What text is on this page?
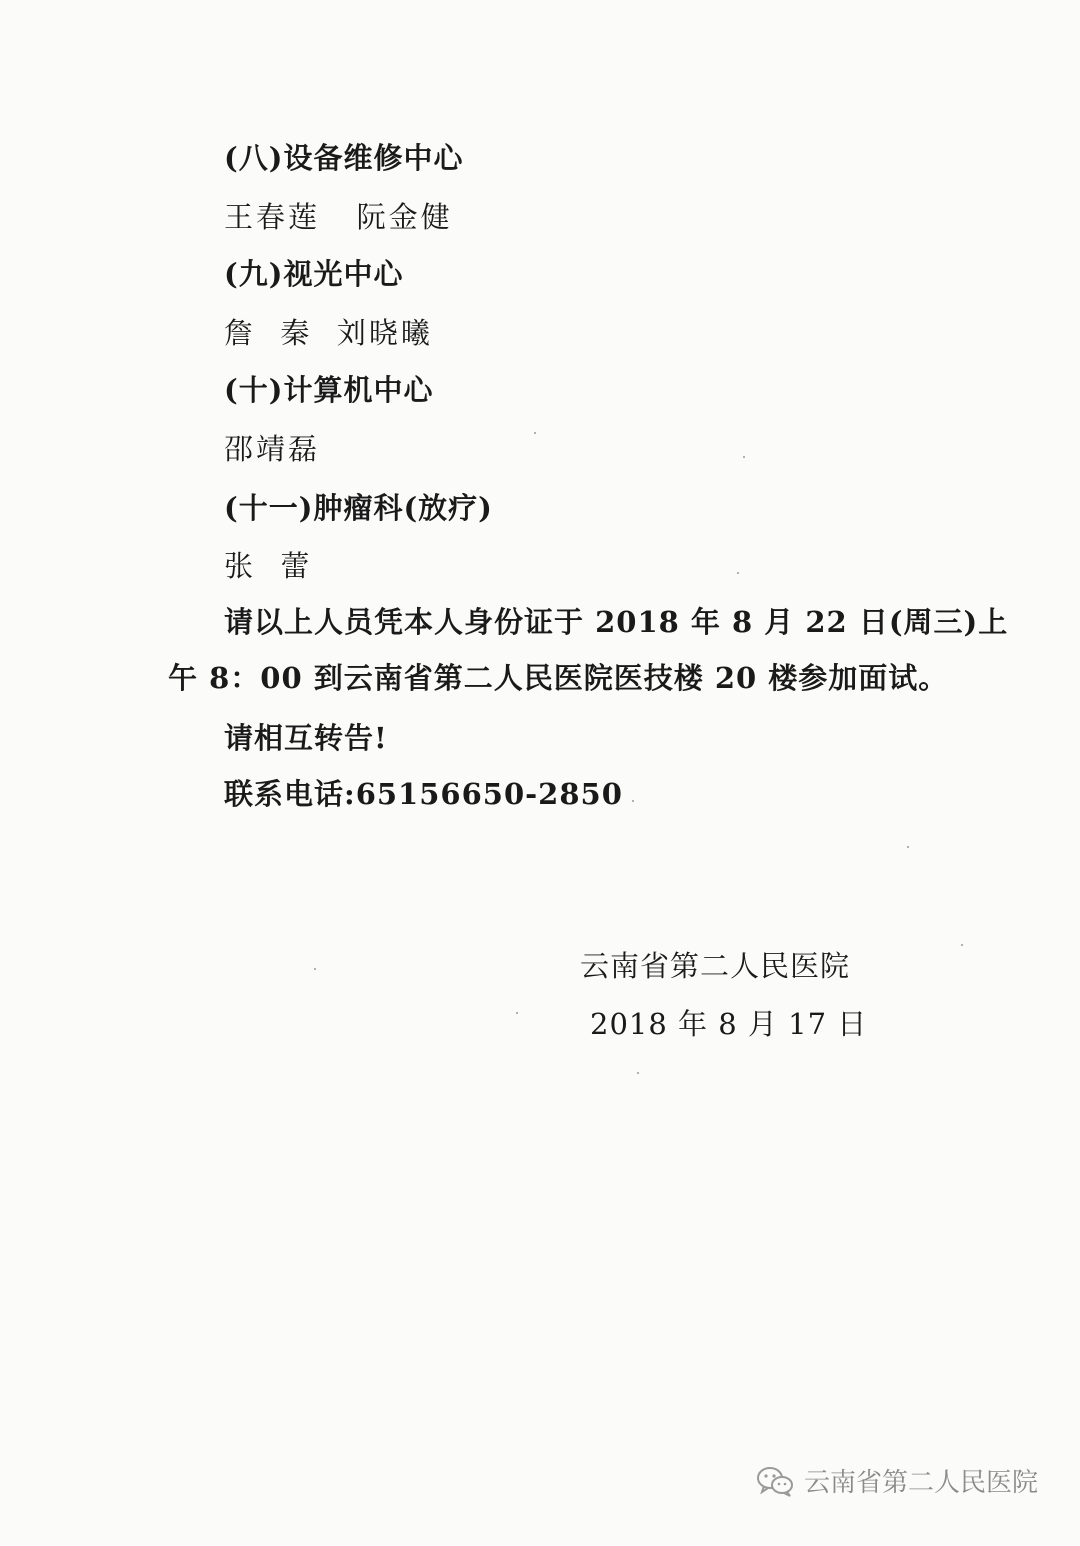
(八)设备维修中心
王春莲   阮金健
(九)视光中心
詹  秦  刘晓曦
(十)计算机中心
邵靖磊
(十一)肿瘤科(放疗)
张  蕾
请以上人员凭本人身份证于 2018 年 8 月 22 日(周三)上
午 8：00 到云南省第二人民医院医技楼 20 楼参加面试。
请相互转告!
联系电话:65156650-2850
云南省第二人民医院
2018 年 8 月 17 日
云南省第二人民医院
